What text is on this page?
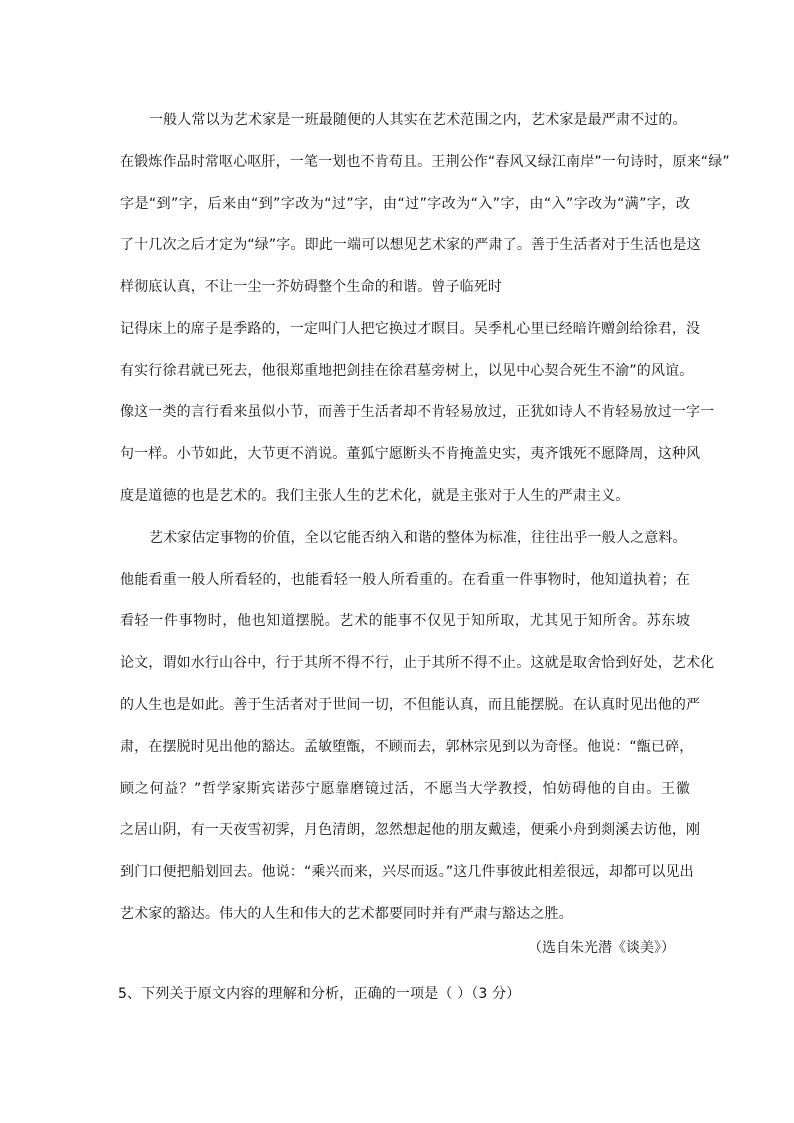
一般人常以为艺术家是一班最随便的人其实在艺术范围之内，艺术家是最严肃不过的。
在锻炼作品时常呕心呕肝，一笔一划也不肯苟且。王荆公作“春风又绿江南岸”一句诗时，原来“绿”
字是“到”字，后来由“到”字改为“过”字，由“过”字改为“入”字，由“入”字改为“满”字，改
了十几次之后才定为“绿”字。即此一端可以想见艺术家的严肃了。善于生活者对于生活也是这
样彻底认真，不让一尘一芥妨碍整个生命的和谐。曾子临死时
记得床上的席子是季路的，一定叫门人把它换过才瞑目。吴季札心里已经暗许赠剑给徐君，没
有实行徐君就已死去，他很郑重地把剑挂在徐君墓旁树上，以见中心契合死生不渝”的风谊。
像这一类的言行看来虽似小节，而善于生活者却不肯轻易放过，正犹如诗人不肯轻易放过一字一
句一样。小节如此，大节更不消说。董狐宁愿断头不肯掩盖史实，夷齐饿死不愿降周，这种风
度是道德的也是艺术的。我们主张人生的艺术化，就是主张对于人生的严肃主义。
艺术家估定事物的价值，全以它能否纳入和谐的整体为标准，往往出乎一般人之意料。
他能看重一般人所看轻的，也能看轻一般人所看重的。在看重一件事物时，他知道执着；在
看轻一件事物时，他也知道摆脱。艺术的能事不仅见于知所取，尤其见于知所舍。苏东坡
论文，谓如水行山谷中，行于其所不得不行，止于其所不得不止。这就是取舍恰到好处，艺术化
的人生也是如此。善于生活者对于世间一切，不但能认真，而且能摆脱。在认真时见出他的严
肃，在摆脱时见出他的豁达。孟敏堕甑，不顾而去，郭林宗见到以为奇怪。他说：“甑已碎，
顾之何益？”哲学家斯宾诺莎宁愿靠磨镜过活，不愿当大学教授，怕妨碍他的自由。王徽
之居山阴，有一天夜雪初霁，月色清朗，忽然想起他的朋友戴逵，便乘小舟到剡溪去访他，刚
到门口便把船划回去。他说：“乘兴而来，兴尽而返。”这几件事彼此相差很远，却都可以见出
艺术家的豁达。伟大的人生和伟大的艺术都要同时并有严肃与豁达之胜。
（选自朱光潜《谈美》）
5、下列关于原文内容的理解和分析，正确的一项是（ ）（3 分）
